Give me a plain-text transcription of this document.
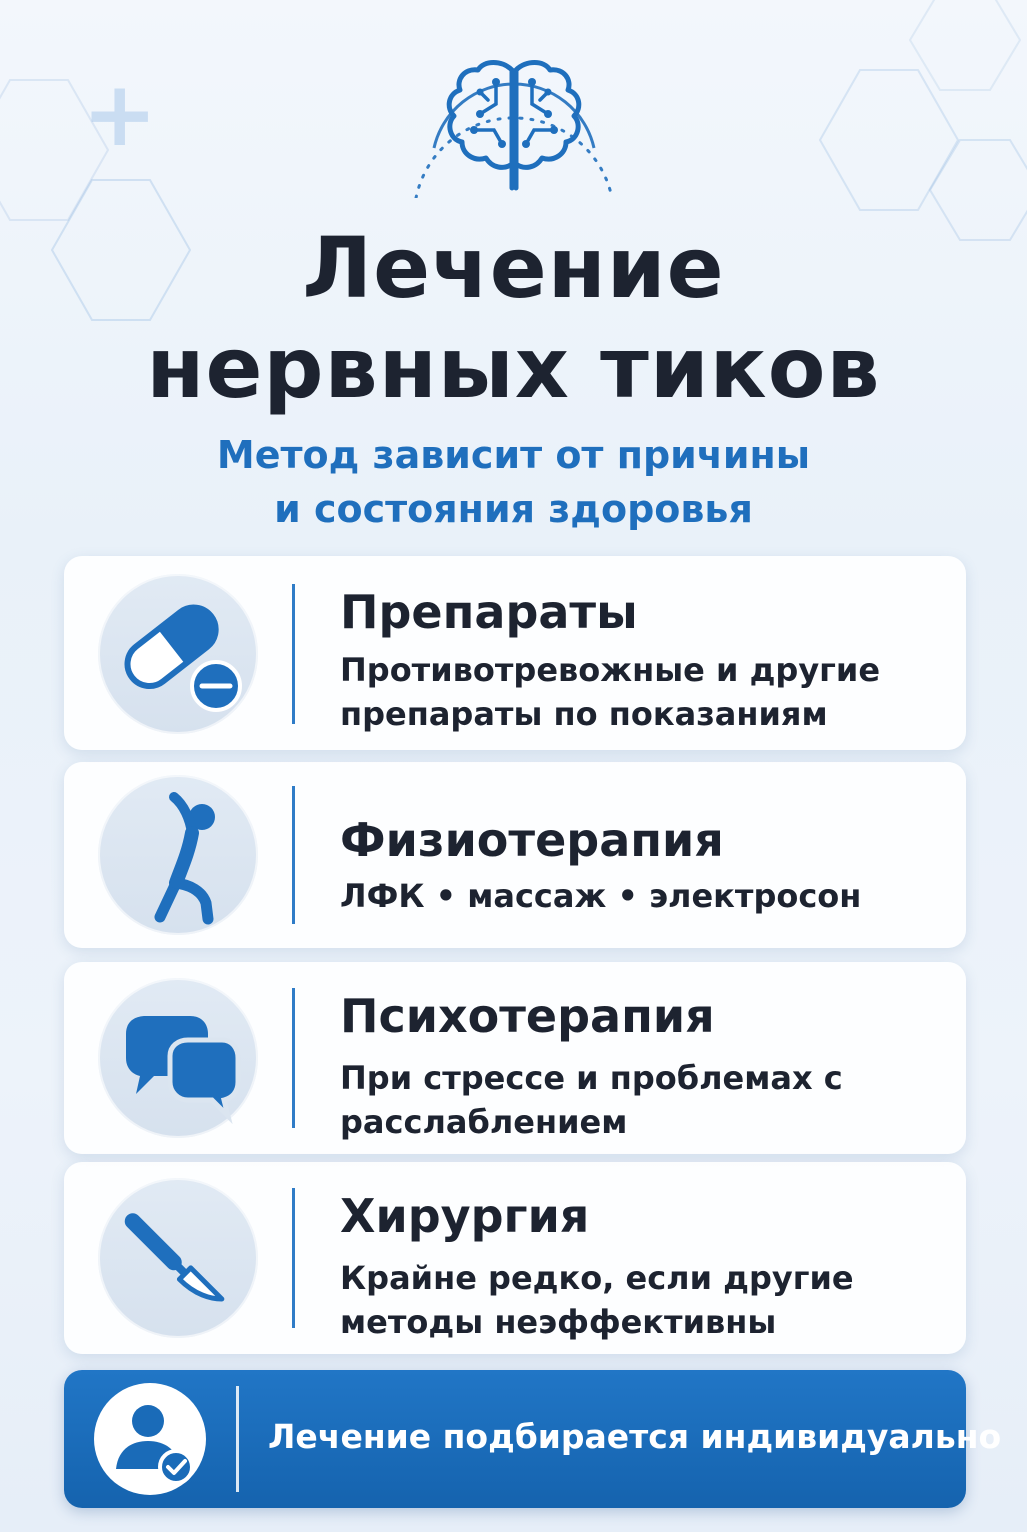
+
Лечение нервных тиков
Метод зависит от причины
и состояния здоровья
Препараты
Противотревожные и другие препараты по показаниям
Физиотерапия
ЛФК • массаж • электросон
Психотерапия
При стрессе и проблемах с расслаблением
Хирургия
Крайне редко, если другие методы неэффективны
Лечение подбирается индивидуально
